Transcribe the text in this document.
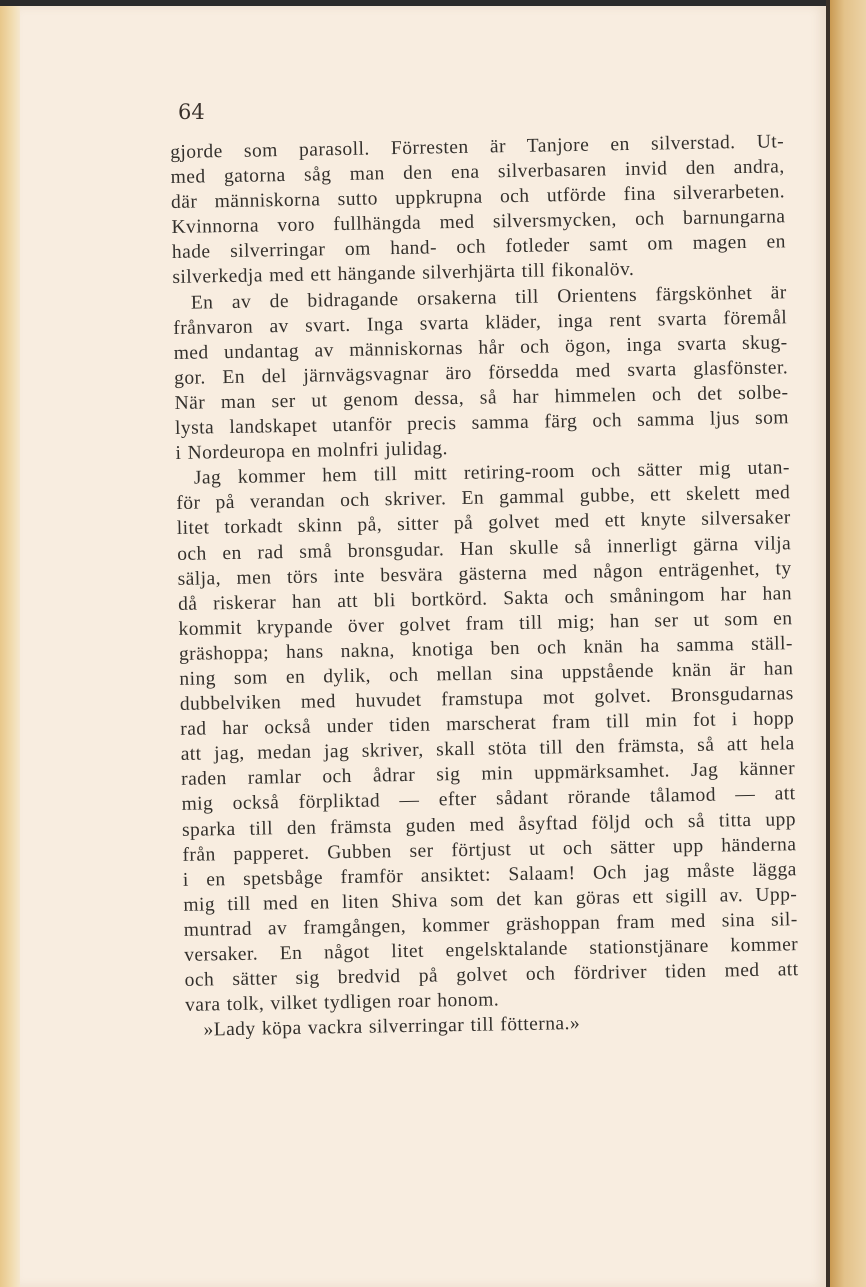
64
gjorde som parasoll. Förresten är Tanjore en silverstad. Ut-
med gatorna såg man den ena silverbasaren invid den andra,
där människorna sutto uppkrupna och utförde fina silverarbeten.
Kvinnorna voro fullhängda med silversmycken, och barnungarna
hade silverringar om hand- och fotleder samt om magen en
silverkedja med ett hängande silverhjärta till fikonalöv.
En av de bidragande orsakerna till Orientens färgskönhet är
frånvaron av svart. Inga svarta kläder, inga rent svarta föremål
med undantag av människornas hår och ögon, inga svarta skug-
gor. En del järnvägsvagnar äro försedda med svarta glasfönster.
När man ser ut genom dessa, så har himmelen och det solbe-
lysta landskapet utanför precis samma färg och samma ljus som
i Nordeuropa en molnfri julidag.
Jag kommer hem till mitt retiring-room och sätter mig utan-
för på verandan och skriver. En gammal gubbe, ett skelett med
litet torkadt skinn på, sitter på golvet med ett knyte silversaker
och en rad små bronsgudar. Han skulle så innerligt gärna vilja
sälja, men törs inte besvära gästerna med någon enträgenhet, ty
då riskerar han att bli bortkörd. Sakta och småningom har han
kommit krypande över golvet fram till mig; han ser ut som en
gräshoppa; hans nakna, knotiga ben och knän ha samma ställ-
ning som en dylik, och mellan sina uppstående knän är han
dubbelviken med huvudet framstupa mot golvet. Bronsgudarnas
rad har också under tiden marscherat fram till min fot i hopp
att jag, medan jag skriver, skall stöta till den främsta, så att hela
raden ramlar och ådrar sig min uppmärksamhet. Jag känner
mig också förpliktad — efter sådant rörande tålamod — att
sparka till den främsta guden med åsyftad följd och så titta upp
från papperet. Gubben ser förtjust ut och sätter upp händerna
i en spetsbåge framför ansiktet: Salaam! Och jag måste lägga
mig till med en liten Shiva som det kan göras ett sigill av. Upp-
muntrad av framgången, kommer gräshoppan fram med sina sil-
versaker. En något litet engelsktalande stationstjänare kommer
och sätter sig bredvid på golvet och fördriver tiden med att
vara tolk, vilket tydligen roar honom.
»Lady köpa vackra silverringar till fötterna.»
